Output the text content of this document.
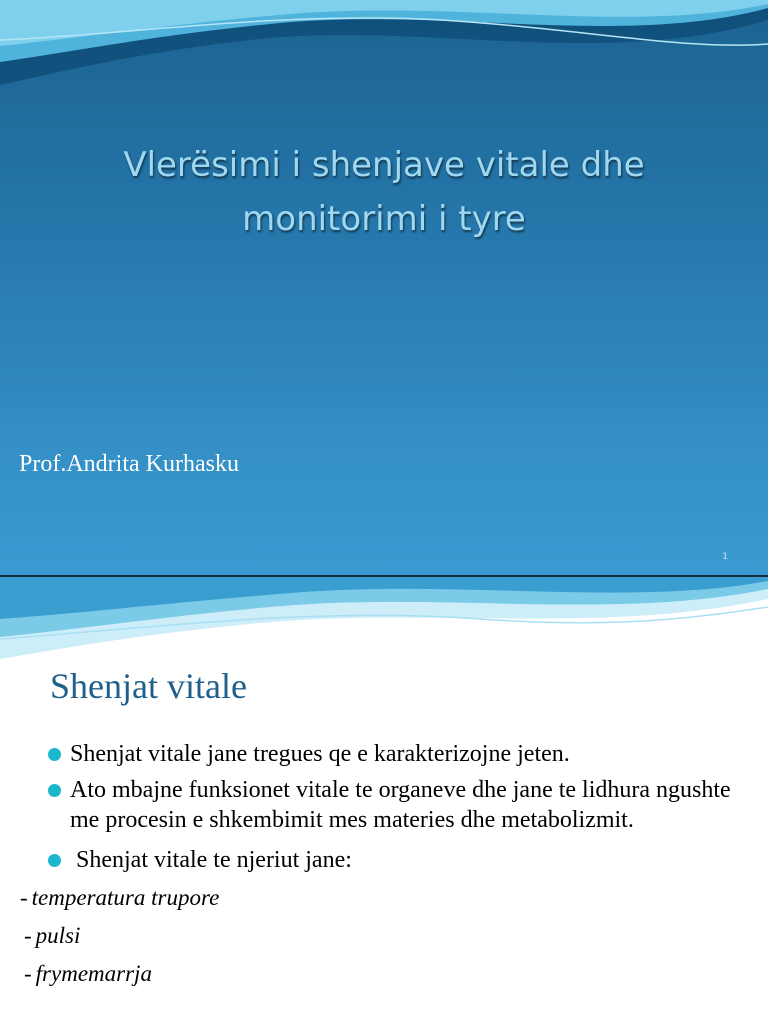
Vlerësimi i shenjave vitale dhe
monitorimi i tyre
Prof.Andrita Kurhasku
1
Shenjat vitale
Shenjat vitale jane tregues qe e karakterizojne jeten.
Ato mbajne funksionet vitale te organeve dhe jane te lidhura ngushte me procesin e shkembimit mes materies dhe metabolizmit.
Shenjat vitale te njeriut jane:
- temperatura trupore
- pulsi
- frymemarrja
